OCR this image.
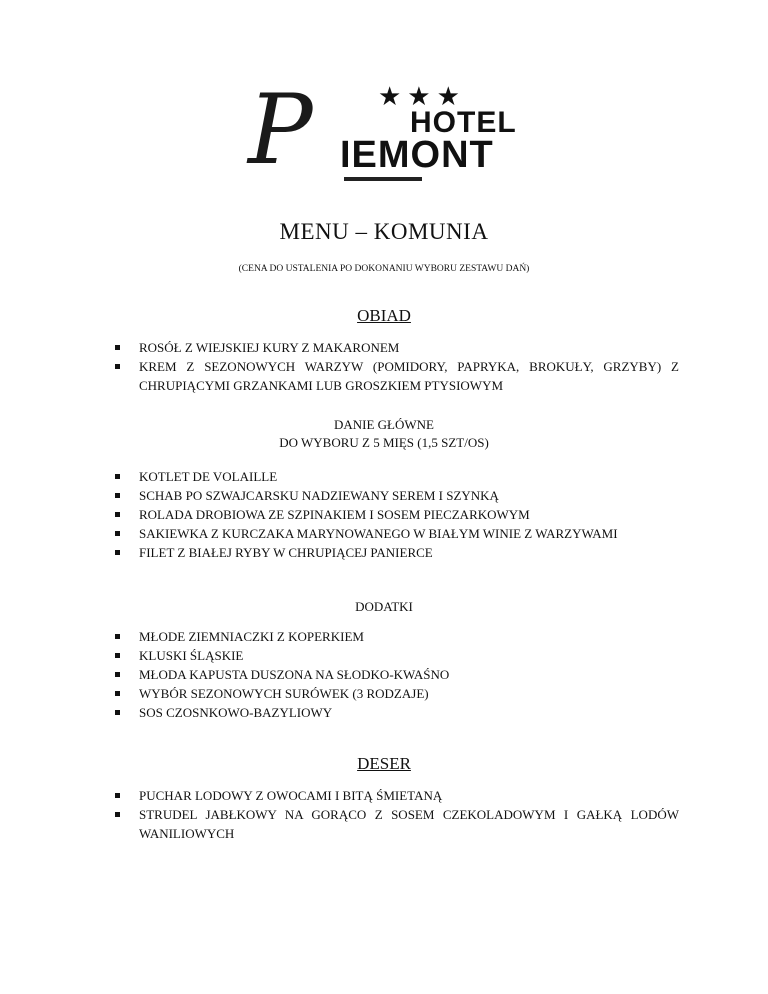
P	★★★
HOTEL
IEMONT
MENU – KOMUNIA
(CENA DO USTALENIA PO DOKONANIU WYBORU ZESTAWU DAŃ)
OBIAD
ROSÓŁ Z WIEJSKIEJ KURY Z MAKARONEM
KREM Z SEZONOWYCH WARZYW (POMIDORY, PAPRYKA, BROKUŁY, GRZYBY) Z CHRUPIĄCYMI GRZANKAMI LUB GROSZKIEM PTYSIOWYM
DANIE GŁÓWNE
DO WYBORU Z 5 MIĘS (1,5 SZT/OS)
KOTLET DE VOLAILLE
SCHAB PO SZWAJCARSKU NADZIEWANY SEREM I SZYNKĄ
ROLADA DROBIOWA ZE SZPINAKIEM I SOSEM PIECZARKOWYM
SAKIEWKA Z KURCZAKA MARYNOWANEGO W BIAŁYM WINIE Z WARZYWAMI
FILET Z BIAŁEJ RYBY W CHRUPIĄCEJ PANIERCE
DODATKI
MŁODE ZIEMNIACZKI Z KOPERKIEM
KLUSKI ŚLĄSKIE
MŁODA KAPUSTA DUSZONA NA SŁODKO-KWAŚNO
WYBÓR SEZONOWYCH SURÓWEK (3 RODZAJE)
SOS CZOSNKOWO-BAZYLIOWY
DESER
PUCHAR LODOWY Z OWOCAMI I BITĄ ŚMIETANĄ
STRUDEL JABŁKOWY NA GORĄCO Z SOSEM CZEKOLADOWYM I GAŁKĄ LODÓW WANILIOWYCH
